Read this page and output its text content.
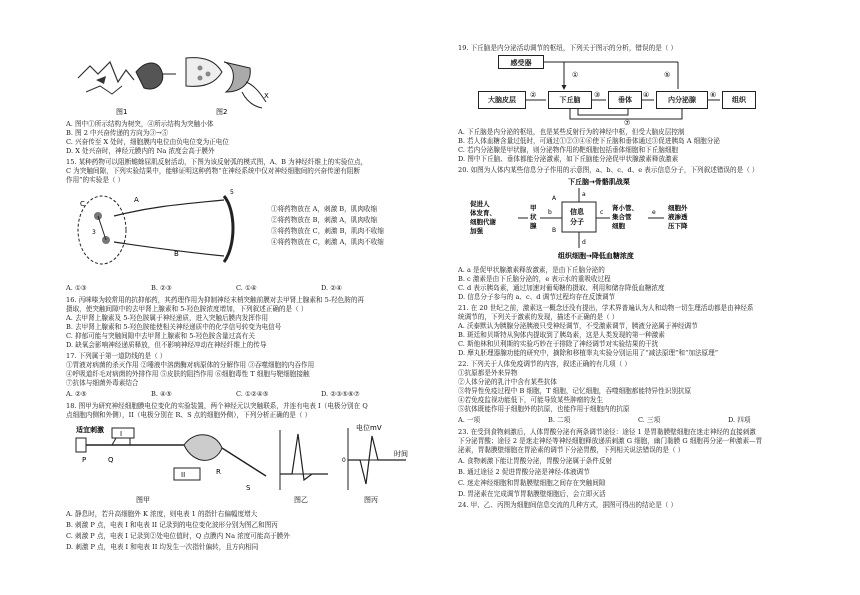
图1
X
图2
A. 图中①所示结构为树突，④所示结构为突触小体
B. 图 2 中兴奋传递的方向为③→⑤
C. 兴奋传至 X 处时，细胞膜内电位由负电位变为正电位
D. X 处兴奋时，神经元膜内的 Na 浓度会高于膜外
15. 某种药物可以阻断蟾蜍屈肌反射活动，下图为该反射弧的模式图，A、B 为神经纤维上的实验位点，
C 为突触间隙，下列实验结果中，能够证明这种药物“在神经系统中仅对神经细胞间的兴奋传递有阻断
作用”的实验是（ ）
A
B
C
3
5
①将药物放在 A，刺激 B，肌肉收缩
②将药物放在 B，刺激 A，肌肉收缩
③将药物放在 C，刺激 B，肌肉不收缩
④将药物放在 C，刺激 A，肌肉不收缩
A. ①③	B. ②③	C. ①④	D. ②④
16. 丙咪嗪为较常用的抗抑郁药，其药理作用为抑制神经末梢突触前膜对去甲肾上腺素和 5-羟色胺的再
摄取，使突触间隙中的去甲肾上腺素和 5-羟色胺浓度增加，下列叙述正确的是（ ）
A. 去甲肾上腺素及 5-羟色胺属于神经递质，进入突触后膜内发挥作用
B. 去甲肾上腺素和 5-羟色胺能使相关神经递质中的化学信号转变为电信号
C. 抑郁可能与突触间隙中去甲肾上腺素和 5-羟色胺含量过高有关
D. 缺氧会影响神经递质释放，但不影响神经冲动在神经纤维上的传导
17. 下列属于第一道防线的是（ ）
①胃液对病菌的杀灭作用 ②唾液中溶菌酶对病原体的分解作用 ③吞噬细胞的内吞作用
④呼吸道纤毛对病菌的外排作用 ⑤皮肤的阻挡作用 ⑥细胞毒性 T 细胞与靶细胞接触
⑦抗体与细菌外毒素结合
A. ②⑤	B. ④⑤	C. ①②④⑤	D. ②③⑤⑥⑦
18. 图甲为研究神经细胞膜电位变化的实验装置，两个神经元以突触联系，并连有电表 I（电极分别在 Q
点细胞内侧和外侧），II（电极分别在 R、S 点的细胞外侧），下列分析正确的是（ ）
适宜刺激 I
II
P	Q
R
S
图甲	图乙
电位mV
0
时间
图丙
A. 静息时，若升高细胞外 K 浓度，则电表 1 的指针右偏幅度增大
B. 刺激 P 点，电表 I 和电表 II 记录到的电位变化波形分别为图乙和图丙
C. 刺激 P 点，电表 I 记录到②处电位值时，Q 点膜内 Na 浓度可能高于膜外
D. 刺激 P 点，电表 I 和电表 II 均发生一次指针偏转，且方向相同
19. 下丘脑是内分泌活动调节的枢纽，下列关于图示的分析，错误的是（ ）
感受器
大脑皮层	下丘脑	垂体	内分泌腺	组织
①
②	③	④
⑤
⑥
⑦
A. 下丘脑是内分泌的枢纽，也是某些反射行为的神经中枢，但受大脑皮层控制
B. 若人体血糖含量过低时，可通过①②③④⑥使下丘脑和垂体通过③促进胰岛 A 细胞分泌
C. 若内分泌腺是甲状腺，则分泌物作用的靶细胞包括垂体细胞和下丘脑细胞
D. 图中下丘脑、垂体都能分泌激素，如下丘脑能分泌促甲状腺激素释放激素
20. 如图为人体内某些信息分子作用的示意图，a、b、c、d、e 表示信息分子，下列叙述错误的是（ ）
下丘脑→骨骼肌战栗
促进人
体发育、
细胞代谢
加强
甲
状
腺
信息
分子
a
b	c
d
e
A
B
肾小管、
集合管
细胞
细胞外
液渗透
压下降
组织细胞→降低血糖浓度
A. a 是促甲状腺激素释放激素，是由下丘脑分泌的
B. c 激素是由下丘脑分泌的，e 表示水的重吸收过程
C. d 表示胰岛素，通过加速对葡萄糖的摄取、利用和储存降低血糖浓度
D. 信息分子参与的 a、c、d 调节过程均存在反馈调节
21. 在 20 世纪之前，激素这一概念还没有提出，学术界普遍认为人和动物一切生理活动都是由神经系
统调节的，下列关于激素的发现，描述不正确的是（ ）
A. 沃泰默认为胰腺分泌胰液只受神经调节，不受激素调节，胰液分泌属于神经调节
B. 斑廷和贝斯特从狗体内提取到了胰岛素，这是人类发现的第一种激素
C. 斯他林和贝利斯的实验巧妙在于排除了神经调节对实验结果的干扰
D. 摩丸胚理器腺功能的研究中，摘除和移植睾丸实验分别运用了“减法原理”和“加法原理”
22. 下列关于人体免疫调节的内容，叙述正确的有几项（ ）
①抗原都是外来异物
②人体分泌的乳汁中含有某些抗体
③特异性免疫过程中 B 细胞，T 细胞，记忆细胞，吞噬细胞都能特异性识别抗原
④若免疫监视功能低下，可能导致某些肿瘤的发生
⑤抗体既能作用于细胞外的抗原，也能作用于细胞内的抗原
A. 一项	B. 二项	C. 三项	D. 四项
23. 在受到食物刺激后，人体胃酸分泌有两条调节途径：途径 1 是胃黏膜壁细胞在迷走神经的直接刺激
下分泌胃酸；途径 2 是迷走神经等神经细胞释放递质刺激 G 细胞，幽门黏膜 G 细胞再分泌一种激素—胃
泌素，胃黏膜壁细胞在胃泌素的调节下分泌胃酸，下列相关说法错误的是（ ）
A. 食物刺激下能让胃酸分泌，胃酸分泌属于条件反射
B. 通过途径 2 促进胃酸分泌是神经-体液调节
C. 迷走神经细胞和胃黏膜壁细胞之间存在突触间隙
D. 胃泌素在完成调节胃黏膜壁细胞后，会立即灭活
24. 甲、乙、丙图为细胞间信息交流的几种方式，据图可得出的结论是（ ）
